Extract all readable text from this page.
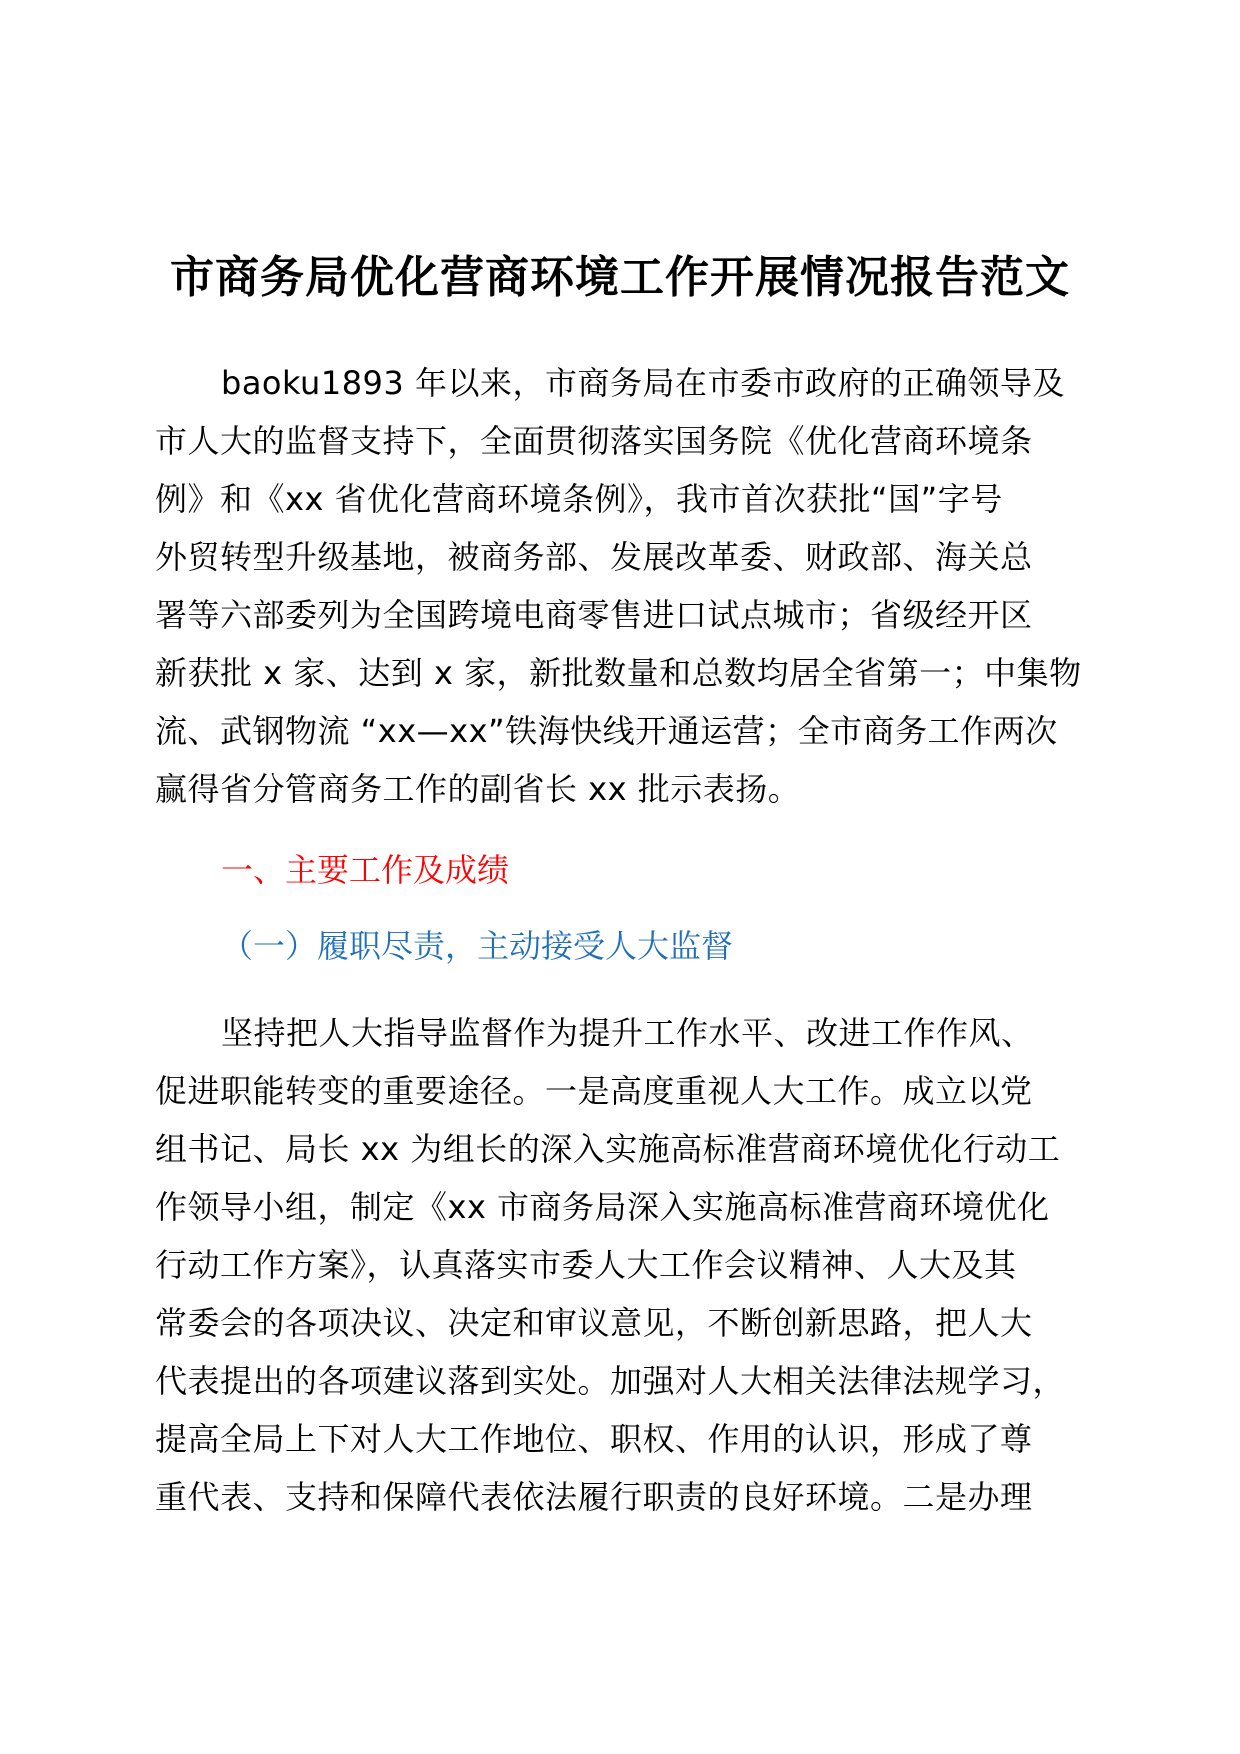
市商务局优化营商环境工作开展情况报告范文
baoku1893 年以来，市商务局在市委市政府的正确领导及
市人大的监督支持下，全面贯彻落实国务院《优化营商环境条
例》和《xx 省优化营商环境条例》，我市首次获批“国”字号
外贸转型升级基地，被商务部、发展改革委、财政部、海关总
署等六部委列为全国跨境电商零售进口试点城市；省级经开区
新获批 x 家、达到 x 家，新批数量和总数均居全省第一；中集物
流、武钢物流 “xx—xx”铁海快线开通运营；全市商务工作两次
赢得省分管商务工作的副省长 xx 批示表扬。
一、主要工作及成绩
（一）履职尽责，主动接受人大监督
坚持把人大指导监督作为提升工作水平、改进工作作风、
促进职能转变的重要途径。一是高度重视人大工作。成立以党
组书记、局长 xx 为组长的深入实施高标准营商环境优化行动工
作领导小组，制定《xx 市商务局深入实施高标准营商环境优化
行动工作方案》，认真落实市委人大工作会议精神、人大及其
常委会的各项决议、决定和审议意见，不断创新思路，把人大
代表提出的各项建议落到实处。加强对人大相关法律法规学习，
提高全局上下对人大工作地位、职权、作用的认识，形成了尊
重代表、支持和保障代表依法履行职责的良好环境。二是办理
